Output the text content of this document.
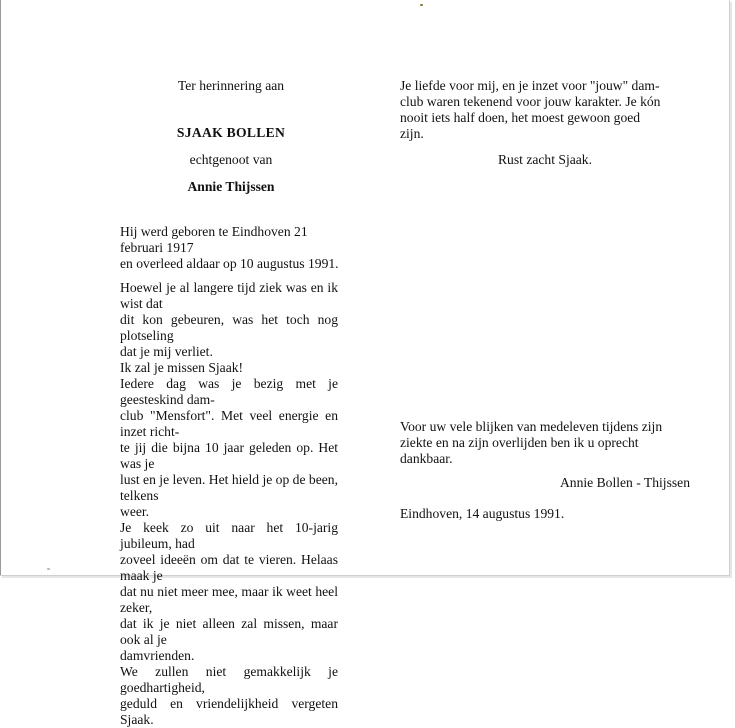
Ter herinnering aan
SJAAK BOLLEN
echtgenoot van
Annie Thijssen
Hij werd geboren te Eindhoven 21 februari 1917
en overleed aldaar op 10 augustus 1991.
Hoewel je al langere tijd ziek was en ik wist dat
dit kon gebeuren, was het toch nog plotseling
dat je mij verliet.
Ik zal je missen Sjaak!
Iedere dag was je bezig met je geesteskind dam-
club "Mensfort". Met veel energie en inzet richt-
te jij die bijna 10 jaar geleden op. Het was je
lust en je leven. Het hield je op de been, telkens
weer.
Je keek zo uit naar het 10-jarig jubileum, had
zoveel ideeën om dat te vieren. Helaas maak je
dat nu niet meer mee, maar ik weet heel zeker,
dat ik je niet alleen zal missen, maar ook al je
damvrienden.
We zullen niet gemakkelijk je goedhartigheid,
geduld en vriendelijkheid vergeten Sjaak.
Je liefde voor mij, en je inzet voor "jouw" dam-
club waren tekenend voor jouw karakter. Je kón
nooit iets half doen, het moest gewoon goed
zijn.
Rust zacht Sjaak.
Voor uw vele blijken van medeleven tijdens zijn
ziekte en na zijn overlijden ben ik u oprecht
dankbaar.
Annie Bollen - Thijssen
Eindhoven, 14 augustus 1991.
